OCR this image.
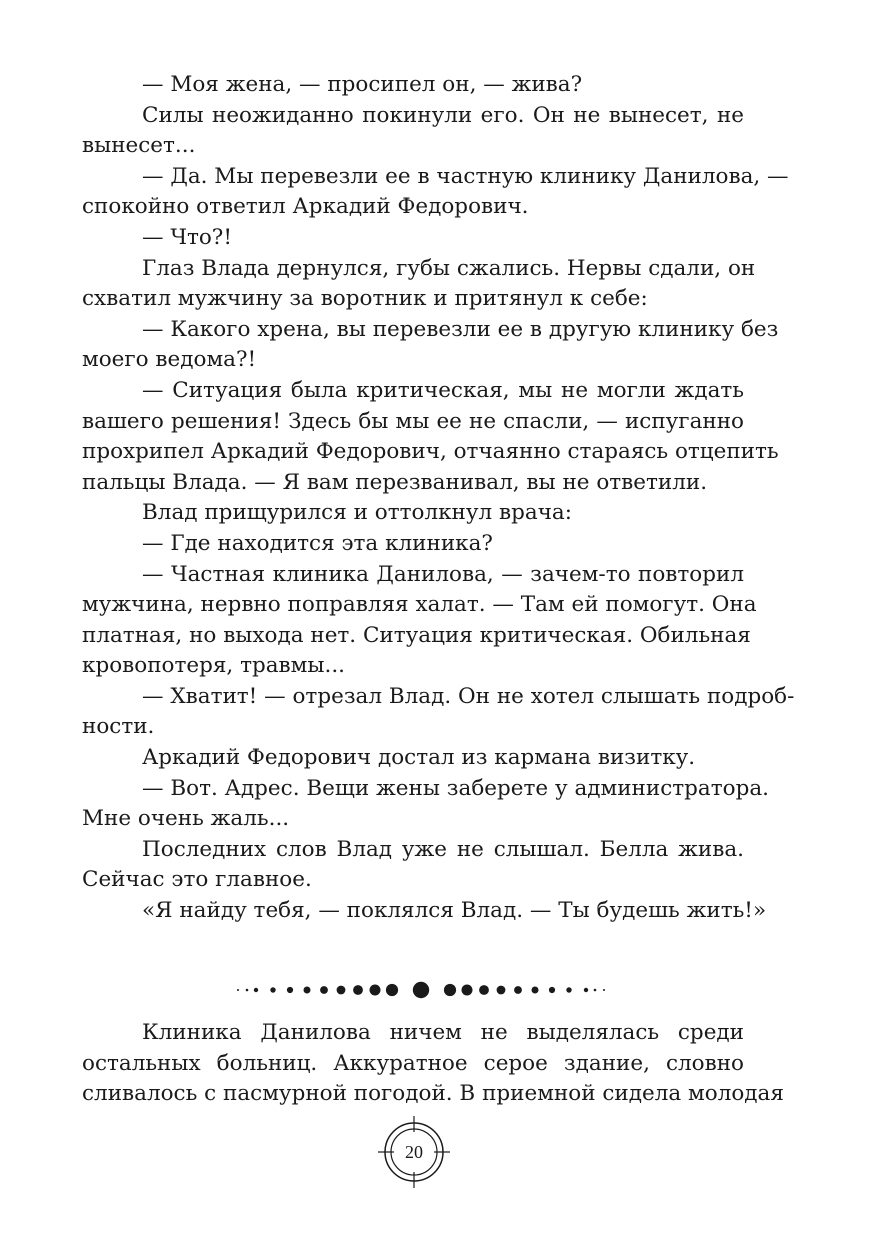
— Моя жена, — просипел он, — жива?
Силы неожиданно покинули его. Он не вынесет, не
вынесет...
— Да. Мы перевезли ее в частную клинику Данилова, —
спокойно ответил Аркадий Федорович.
— Что?!
Глаз Влада дернулся, губы сжались. Нервы сдали, он
схватил мужчину за воротник и притянул к себе:
— Какого хрена, вы перевезли ее в другую клинику без
моего ведома?!
— Ситуация была критическая, мы не могли ждать
вашего решения! Здесь бы мы ее не спасли, — испуганно
прохрипел Аркадий Федорович, отчаянно стараясь отцепить
пальцы Влада. — Я вам перезванивал, вы не ответили.
Влад прищурился и оттолкнул врача:
— Где находится эта клиника?
— Частная клиника Данилова, — зачем-то повторил
мужчина, нервно поправляя халат. — Там ей помогут. Она
платная, но выхода нет. Ситуация критическая. Обильная
кровопотеря, травмы...
— Хватит! — отрезал Влад. Он не хотел слышать подроб-
ности.
Аркадий Федорович достал из кармана визитку.
— Вот. Адрес. Вещи жены заберете у администратора.
Мне очень жаль...
Последних слов Влад уже не слышал. Белла жива.
Сейчас это главное.
«Я найду тебя, — поклялся Влад. — Ты будешь жить!»
Клиника Данилова ничем не выделялась среди
остальных больниц. Аккуратное серое здание, словно
сливалось с пасмурной погодой. В приемной сидела молодая
20
